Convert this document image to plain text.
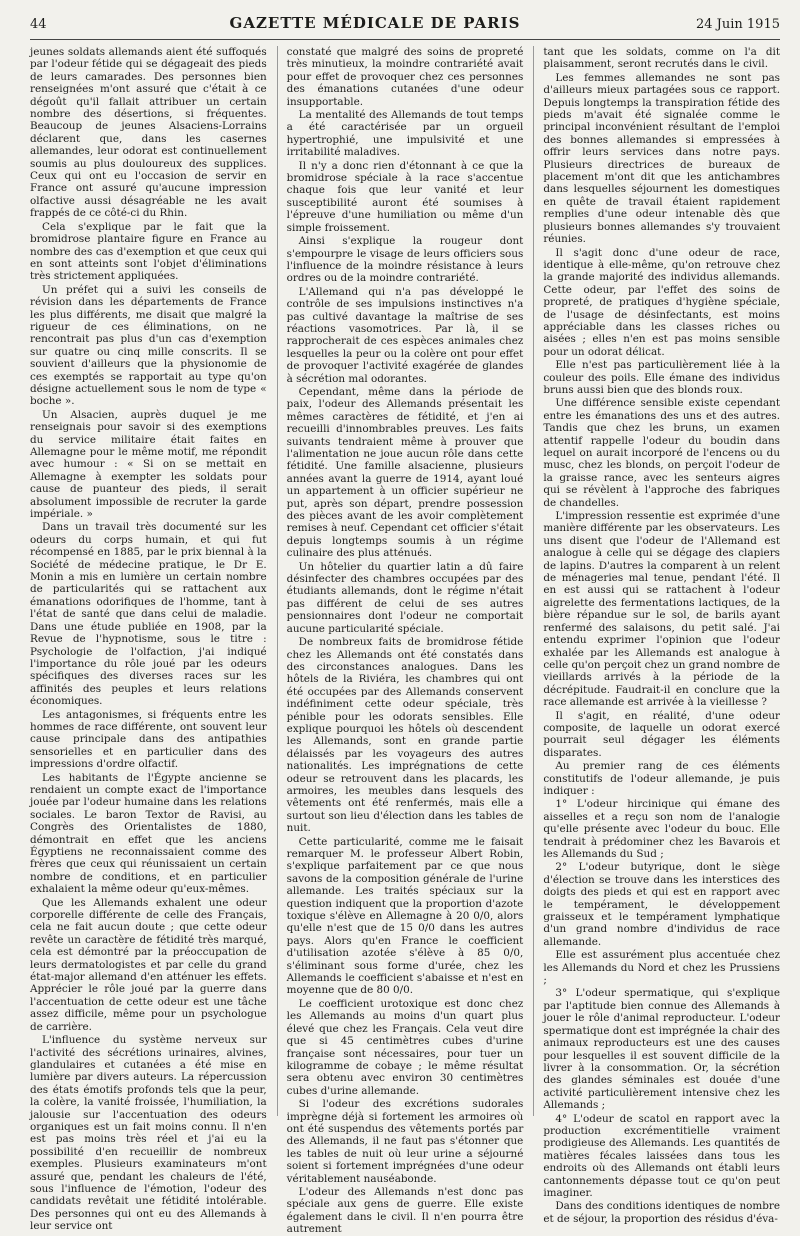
44	GAZETTE MÉDICALE DE PARIS	24 Juin 1915

jeunes soldats allemands aient été suffoqués par l'odeur fétide qui se dégageait des pieds de leurs camarades. Des personnes bien renseignées m'ont assuré que c'était à ce dégoût qu'il fallait attribuer un certain nombre des désertions, si fréquentes. Beaucoup de jeunes Alsaciens-Lorrains déclarent que, dans les casernes allemandes, leur odorat est continuellement soumis au plus douloureux des supplices. Ceux qui ont eu l'occasion de servir en France ont assuré qu'aucune impression olfactive aussi désagréable ne les avait frappés de ce côté-ci du Rhin.

Cela s'explique par le fait que la bromidrose plantaire figure en France au nombre des cas d'exemption et que ceux qui en sont atteints sont l'objet d'éliminations très strictement appliquées.

Un préfet qui a suivi les conseils de révision dans les départements de France les plus différents, me disait que malgré la rigueur de ces éliminations, on ne rencontrait pas plus d'un cas d'exemption sur quatre ou cinq mille conscrits. Il se souvient d'ailleurs que la physionomie de ces exemptés se rapportait au type qu'on désigne actuellement sous le nom de type « boche ».

Un Alsacien, auprès duquel je me renseignais pour savoir si des exemptions du service militaire était faites en Allemagne pour le même motif, me répondit avec humour : « Si on se mettait en Allemagne à exempter les soldats pour cause de puanteur des pieds, il serait absolument impossible de recruter la garde impériale. »

Dans un travail très documenté sur les odeurs du corps humain, et qui fut récompensé en 1885, par le prix biennal à la Société de médecine pratique, le Dr E. Monin a mis en lumière un certain nombre de particularités qui se rattachent aux émanations odorifiques de l'homme, tant à l'état de santé que dans celui de maladie. Dans une étude publiée en 1908, par la Revue de l'hypnotisme, sous le titre : Psychologie de l'olfaction, j'ai indiqué l'importance du rôle joué par les odeurs spécifiques des diverses races sur les affinités des peuples et leurs relations économiques.

Les antagonismes, si fréquents entre les hommes de race différente, ont souvent leur cause principale dans des antipathies sensorielles et en particulier dans des impressions d'ordre olfactif.

Les habitants de l'Égypte ancienne se rendaient un compte exact de l'importance jouée par l'odeur humaine dans les relations sociales. Le baron Textor de Ravisi, au Congrès des Orientalistes de 1880, démontrait en effet que les anciens Égyptiens ne reconnaissaient comme des frères que ceux qui réunissaient un certain nombre de conditions, et en particulier exhalaient la même odeur qu'eux-mêmes.

Que les Allemands exhalent une odeur corporelle différente de celle des Français, cela ne fait aucun doute ; que cette odeur revête un caractère de fétidité très marqué, cela est démontré par la préoccupation de leurs dermatologistes et par celle du grand état-major allemand d'en atténuer les effets. Apprécier le rôle joué par la guerre dans l'accentuation de cette odeur est une tâche assez difficile, même pour un psychologue de carrière.

L'influence du système nerveux sur l'activité des sécrétions urinaires, alvines, glandulaires et cutanées a été mise en lumière par divers auteurs. La répercussion des états émotifs profonds tels que la peur, la colère, la vanité froissée, l'humiliation, la jalousie sur l'accentuation des odeurs organiques est un fait moins connu. Il n'en est pas moins très réel et j'ai eu la possibilité d'en recueillir de nombreux exemples. Plusieurs examinateurs m'ont assuré que, pendant les chaleurs de l'été, sous l'influence de l'émotion, l'odeur des candidats revêtait une fétidité intolérable. Des personnes qui ont eu des Allemands à leur service ont

constaté que malgré des soins de propreté très minutieux, la moindre contrariété avait pour effet de provoquer chez ces personnes des émanations cutanées d'une odeur insupportable.

La mentalité des Allemands de tout temps a été caractérisée par un orgueil hypertrophié, une impulsivité et une irritabilité maladives.

Il n'y a donc rien d'étonnant à ce que la bromidrose spéciale à la race s'accentue chaque fois que leur vanité et leur susceptibilité auront été soumises à l'épreuve d'une humiliation ou même d'un simple froissement.

Ainsi s'explique la rougeur dont s'empourpre le visage de leurs officiers sous l'influence de la moindre résistance à leurs ordres ou de la moindre contrariété.

L'Allemand qui n'a pas développé le contrôle de ses impulsions instinctives n'a pas cultivé davantage la maîtrise de ses réactions vasomotrices. Par là, il se rapprocherait de ces espèces animales chez lesquelles la peur ou la colère ont pour effet de provoquer l'activité exagérée de glandes à sécrétion mal odorantes.

Cependant, même dans la période de paix, l'odeur des Allemands présentait les mêmes caractères de fétidité, et j'en ai recueilli d'innombrables preuves. Les faits suivants tendraient même à prouver que l'alimentation ne joue aucun rôle dans cette fétidité. Une famille alsacienne, plusieurs années avant la guerre de 1914, ayant loué un appartement à un officier supérieur ne put, après son départ, prendre possession des pièces avant de les avoir complètement remises à neuf. Cependant cet officier s'était depuis longtemps soumis à un régime culinaire des plus atténués.

Un hôtelier du quartier latin a dû faire désinfecter des chambres occupées par des étudiants allemands, dont le régime n'était pas différent de celui de ses autres pensionnaires dont l'odeur ne comportait aucune particularité spéciale.

De nombreux faits de bromidrose fétide chez les Allemands ont été constatés dans des circonstances analogues. Dans les hôtels de la Riviéra, les chambres qui ont été occupées par des Allemands conservent indéfiniment cette odeur spéciale, très pénible pour les odorats sensibles. Elle explique pourquoi les hôtels où descendent les Allemands, sont en grande partie délaissés par les voyageurs des autres nationalités. Les imprégnations de cette odeur se retrouvent dans les placards, les armoires, les meubles dans lesquels des vêtements ont été renfermés, mais elle a surtout son lieu d'élection dans les tables de nuit.

Cette particularité, comme me le faisait remarquer M. le professeur Albert Robin, s'explique parfaitement par ce que nous savons de la composition générale de l'urine allemande. Les traités spéciaux sur la question indiquent que la proportion d'azote toxique s'élève en Allemagne à 20 0/0, alors qu'elle n'est que de 15 0/0 dans les autres pays. Alors qu'en France le coefficient d'utilisation azotée s'élève à 85 0/0, s'éliminant sous forme d'urée, chez les Allemands le coefficient s'abaisse et n'est en moyenne que de 80 0/0.

Le coefficient urotoxique est donc chez les Allemands au moins d'un quart plus élevé que chez les Français. Cela veut dire que si 45 centimètres cubes d'urine française sont nécessaires, pour tuer un kilogramme de cobaye ; le même résultat sera obtenu avec environ 30 centimètres cubes d'urine allemande.

Si l'odeur des excrétions sudorales imprègne déjà si fortement les armoires où ont été suspendus des vêtements portés par des Allemands, il ne faut pas s'étonner que les tables de nuit où leur urine a séjourné soient si fortement imprégnées d'une odeur véritablement nauséabonde.

L'odeur des Allemands n'est donc pas spéciale aux gens de guerre. Elle existe également dans le civil. Il n'en pourra être autrement

tant que les soldats, comme on l'a dit plaisamment, seront recrutés dans le civil.

Les femmes allemandes ne sont pas d'ailleurs mieux partagées sous ce rapport. Depuis longtemps la transpiration fétide des pieds m'avait été signalée comme le principal inconvénient résultant de l'emploi des bonnes allemandes si empressées à offrir leurs services dans notre pays. Plusieurs directrices de bureaux de placement m'ont dit que les antichambres dans lesquelles séjournent les domestiques en quête de travail étaient rapidement remplies d'une odeur intenable dès que plusieurs bonnes allemandes s'y trouvaient réunies.

Il s'agit donc d'une odeur de race, identique à elle-même, qu'on retrouve chez la grande majorité des individus allemands. Cette odeur, par l'effet des soins de propreté, de pratiques d'hygiène spéciale, de l'usage de désinfectants, est moins appréciable dans les classes riches ou aisées ; elles n'en est pas moins sensible pour un odorat délicat.

Elle n'est pas particulièrement liée à la couleur des poils. Elle émane des individus bruns aussi bien que des blonds roux.

Une différence sensible existe cependant entre les émanations des uns et des autres. Tandis que chez les bruns, un examen attentif rappelle l'odeur du boudin dans lequel on aurait incorporé de l'encens ou du musc, chez les blonds, on perçoit l'odeur de la graisse rance, avec les senteurs aigres qui se révèlent à l'approche des fabriques de chandelles.

L'impression ressentie est exprimée d'une manière différente par les observateurs. Les uns disent que l'odeur de l'Allemand est analogue à celle qui se dégage des clapiers de lapins. D'autres la comparent à un relent de ménageries mal tenue, pendant l'été. Il en est aussi qui se rattachent à l'odeur aigrelette des fermentations lactiques, de la bière répandue sur le sol, de barils ayant renfermé des salaisons, du petit salé. J'ai entendu exprimer l'opinion que l'odeur exhalée par les Allemands est analogue à celle qu'on perçoit chez un grand nombre de vieillards arrivés à la période de la décrépitude. Faudrait-il en conclure que la race allemande est arrivée à la vieillesse ?

Il s'agit, en réalité, d'une odeur composite, de laquelle un odorat exercé pourrait seul dégager les éléments disparates.

Au premier rang de ces éléments constitutifs de l'odeur allemande, je puis indiquer :

1° L'odeur hircinique qui émane des aisselles et a reçu son nom de l'analogie qu'elle présente avec l'odeur du bouc. Elle tendrait à prédominer chez les Bavarois et les Allemands du Sud ;

2° L'odeur butyrique, dont le siège d'élection se trouve dans les interstices des doigts des pieds et qui est en rapport avec le tempérament, le développement graisseux et le tempérament lymphatique d'un grand nombre d'individus de race allemande.

Elle est assurément plus accentuée chez les Allemands du Nord et chez les Prussiens ;

3° L'odeur spermatique, qui s'explique par l'aptitude bien connue des Allemands à jouer le rôle d'animal reproducteur. L'odeur spermatique dont est imprégnée la chair des animaux reproducteurs est une des causes pour lesquelles il est souvent difficile de la livrer à la consommation. Or, la sécrétion des glandes séminales est douée d'une activité particulièrement intensive chez les Allemands ;

4° L'odeur de scatol en rapport avec la production excrémentitielle vraiment prodigieuse des Allemands. Les quantités de matières fécales laissées dans tous les endroits où des Allemands ont établi leurs cantonnements dépasse tout ce qu'on peut imaginer.

Dans des conditions identiques de nombre et de séjour, la proportion des résidus d'éva-
